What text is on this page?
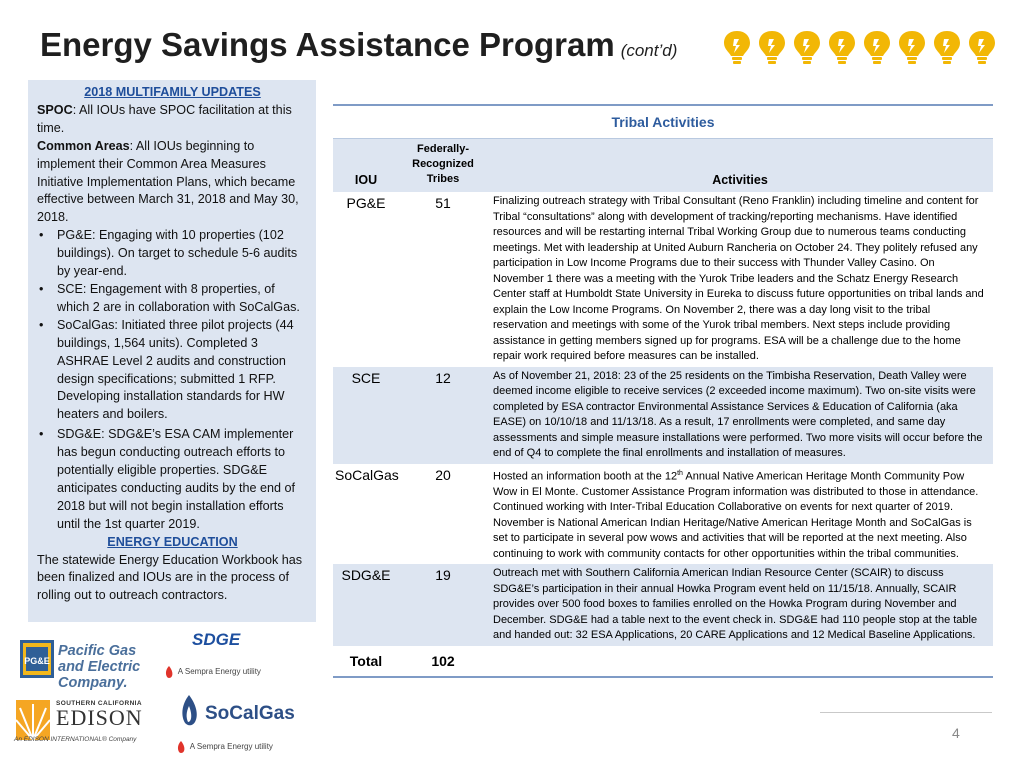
Energy Savings Assistance Program (cont’d)
2018 MULTIFAMILY UPDATES
SPOC: All IOUs have SPOC facilitation at this time.
Common Areas: All IOUs beginning to implement their Common Area Measures Initiative Implementation Plans, which became effective between March 31, 2018 and May 30, 2018.
• PG&E: Engaging with 10 properties (102 buildings). On target to schedule 5-6 audits by year-end.
• SCE: Engagement with 8 properties, of which 2 are in collaboration with SoCalGas.
• SoCalGas: Initiated three pilot projects (44 buildings, 1,564 units). Completed 3 ASHRAE Level 2 audits and construction design specifications; submitted 1 RFP. Developing installation standards for HW heaters and boilers.
• SDG&E: SDG&E’s ESA CAM implementer has begun conducting outreach efforts to potentially eligible properties. SDG&E anticipates conducting audits by the end of 2018 but will not begin installation efforts until the 1st quarter 2019.
ENERGY EDUCATION
The statewide Energy Education Workbook has been finalized and IOUs are in the process of rolling out to outreach contractors.
Tribal Activities
IOU	Federally-Recognized Tribes	Activities
PG&E	51	Finalizing outreach strategy with Tribal Consultant (Reno Franklin) including timeline and content for Tribal “consultations” along with development of tracking/reporting mechanisms. Have identified resources and will be restarting internal Tribal Working Group due to numerous teams conducting meetings. Met with leadership at United Auburn Rancheria on October 24. They politely refused any participation in Low Income Programs due to their success with Thunder Valley Casino. On November 1 there was a meeting with the Yurok Tribe leaders and the Schatz Energy Research Center staff at Humboldt State University in Eureka to discuss future opportunities on tribal lands and explain the Low Income Programs. On November 2, there was a day long visit to the tribal reservation and meetings with some of the Yurok tribal members. Next steps include providing assistance in getting members signed up for programs. ESA will be a challenge due to the home repair work required before measures can be installed.
SCE	12	As of November 21, 2018: 23 of the 25 residents on the Timbisha Reservation, Death Valley were deemed income eligible to receive services (2 exceeded income maximum). Two on-site visits were completed by ESA contractor Environmental Assistance Services & Education of California (aka EASE) on 10/10/18 and 11/13/18. As a result, 17 enrollments were completed, and same day assessments and simple measure installations were performed. Two more visits will occur before the end of Q4 to complete the final enrollments and installation of measures.
SoCalGas	20	Hosted an information booth at the 12th Annual Native American Heritage Month Community Pow Wow in El Monte. Customer Assistance Program information was distributed to those in attendance. Continued working with Inter-Tribal Education Collaborative on events for next quarter of 2019. November is National American Indian Heritage/Native American Heritage Month and SoCalGas is set to participate in several pow wows and activities that will be reported at the next meeting. Also continuing to work with community contacts for other opportunities within the tribal communities.
SDG&E	19	Outreach met with Southern California American Indian Resource Center (SCAIR) to discuss SDG&E’s participation in their annual Howka Program event held on 11/15/18. Annually, SCAIR provides over 500 food boxes to families enrolled on the Howka Program during November and December. SDG&E had a table next to the event check in. SDG&E had 110 people stop at the table and handed out: 32 ESA Applications, 20 CARE Applications and 12 Medical Baseline Applications.
Total	102	
PG&E
Pacific Gas and Electric Company.
SDGE
A Sempra Energy utility
SOUTHERN CALIFORNIA
EDISON
An EDISON INTERNATIONAL® Company
SoCalGas
A Sempra Energy utility
4
